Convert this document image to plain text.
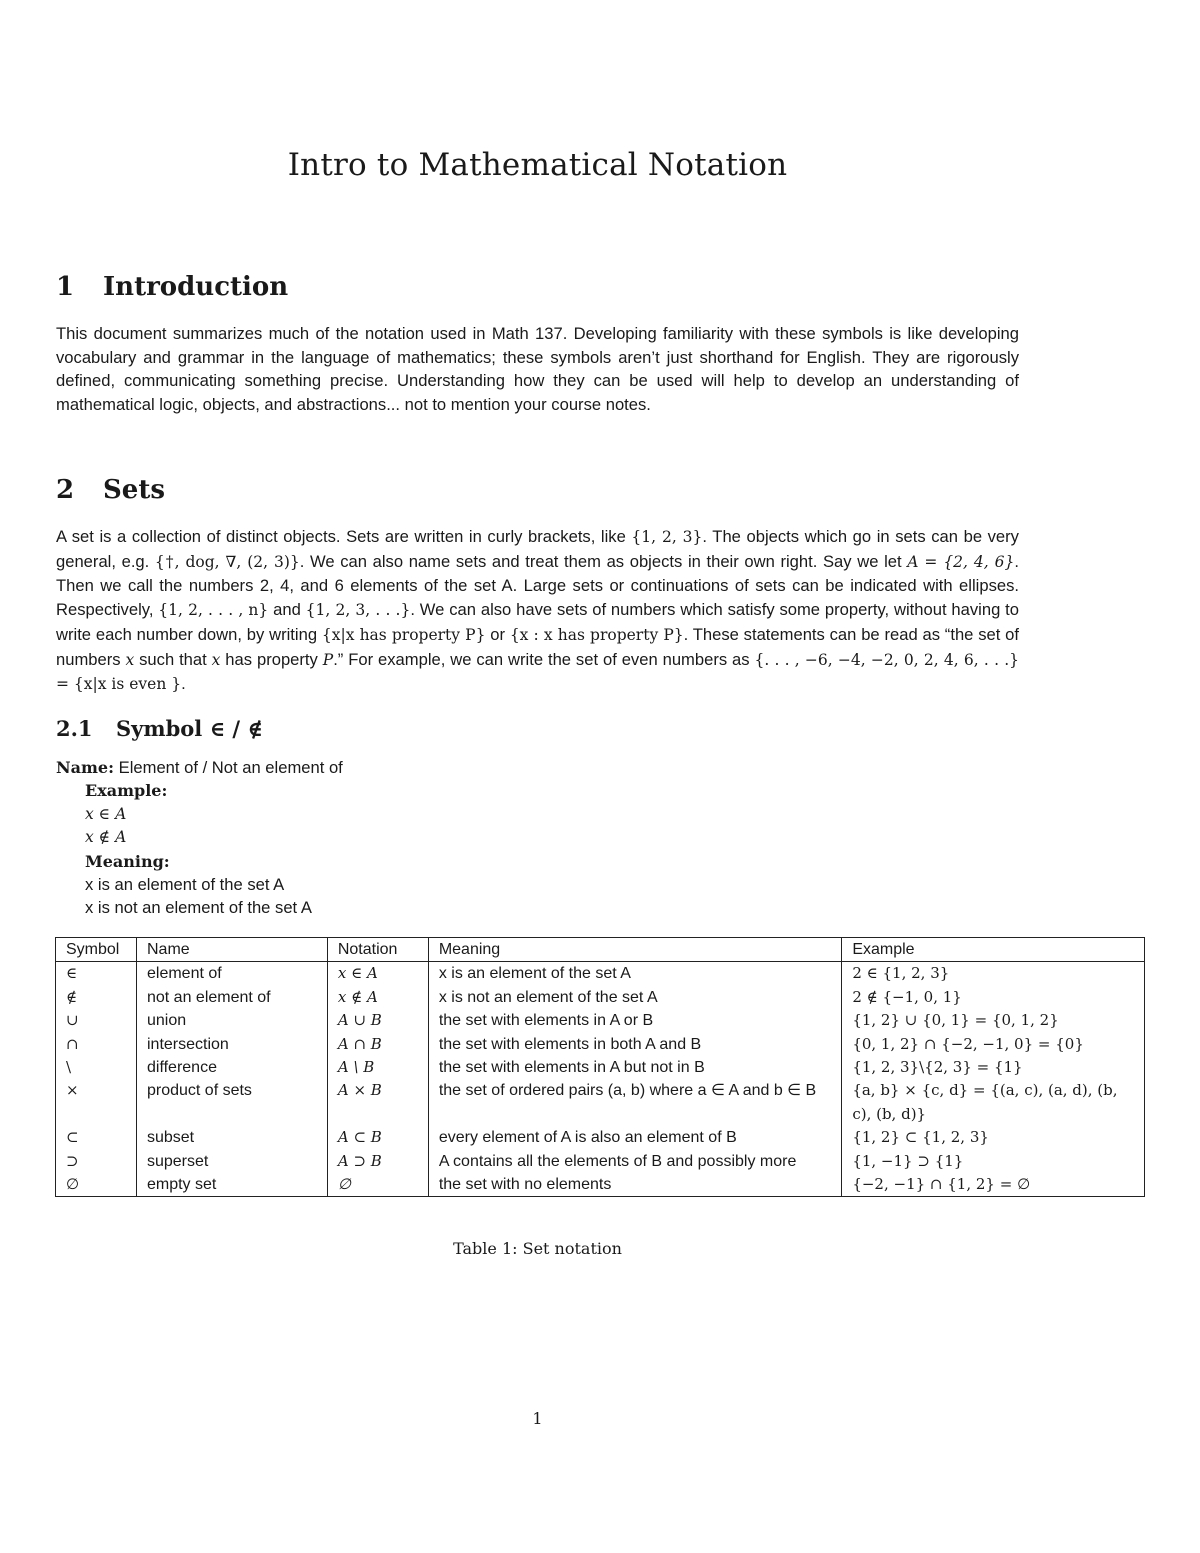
Intro to Mathematical Notation
1 Introduction

This document summarizes much of the notation used in Math 137. Developing familiarity with these symbols is like developing vocabulary and grammar in the language of mathematics; these symbols aren’t just shorthand for English. They are rigorously defined, communicating something precise. Understanding how they can be used will help to develop an understanding of mathematical logic, objects, and abstractions... not to mention your course notes.

2 Sets

A set is a collection of distinct objects. Sets are written in curly brackets, like {1, 2, 3}. The objects which go in sets can be very general, e.g. {†, dog, ∇, (2, 3)}. We can also name sets and treat them as objects in their own right. Say we let A = {2, 4, 6}. Then we call the numbers 2, 4, and 6 elements of the set A. Large sets or continuations of sets can be indicated with ellipses. Respectively, {1, 2, . . . , n} and {1, 2, 3, . . .}. We can also have sets of numbers which satisfy some property, without having to write each number down, by writing {x|x has property P} or {x : x has property P}. These statements can be read as “the set of numbers x such that x has property P.” For example, we can write the set of even numbers as {. . . , −6, −4, −2, 0, 2, 4, 6, . . .} = {x|x is even }.

2.1 Symbol ∈ / ∉
Name: Element of / Not an element of
Example:
x ∈ A
x ∉ A
Meaning:
x is an element of the set A
x is not an element of the set A
Symbol	Name	Notation	Meaning	Example
∈	element of	x ∈ A	x is an element of the set A	2 ∈ {1, 2, 3}
∉	not an element of	x ∉ A	x is not an element of the set A	2 ∉ {−1, 0, 1}
∪	union	A ∪ B	the set with elements in A or B	{1, 2} ∪ {0, 1} = {0, 1, 2}
∩	intersection	A ∩ B	the set with elements in both A and B	{0, 1, 2} ∩ {−2, −1, 0} = {0}
\	difference	A \ B	the set with elements in A but not in B	{1, 2, 3}\{2, 3} = {1}
×	product of sets	A × B	the set of ordered pairs (a, b) where a ∈ A and b ∈ B	{a, b} × {c, d} = {(a, c), (a, d), (b, c), (b, d)}
⊂	subset	A ⊂ B	every element of A is also an element of B	{1, 2} ⊂ {1, 2, 3}
⊃	superset	A ⊃ B	A contains all the elements of B and possibly more	{1, −1} ⊃ {1}
∅	empty set	∅	the set with no elements	{−2, −1} ∩ {1, 2} = ∅
Table 1: Set notation
1
